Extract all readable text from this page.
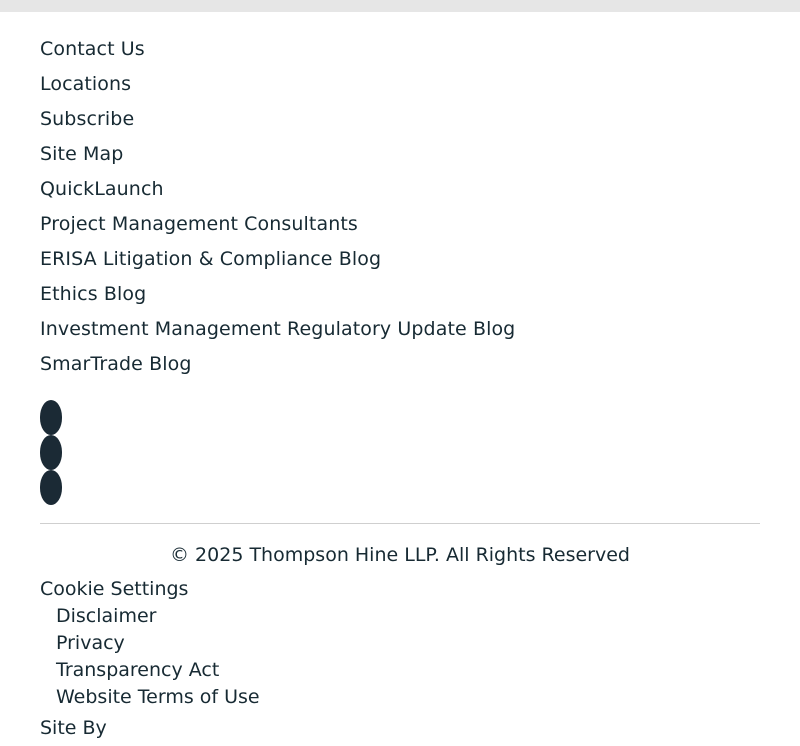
Contact Us
Locations
Subscribe
Site Map
QuickLaunch
Project Management Consultants
ERISA Litigation & Compliance Blog
Ethics Blog
Investment Management Regulatory Update Blog
SmarTrade Blog
© 2025 Thompson Hine LLP. All Rights Reserved
Cookie Settings
Disclaimer
Privacy
Transparency Act
Website Terms of Use
Site By
